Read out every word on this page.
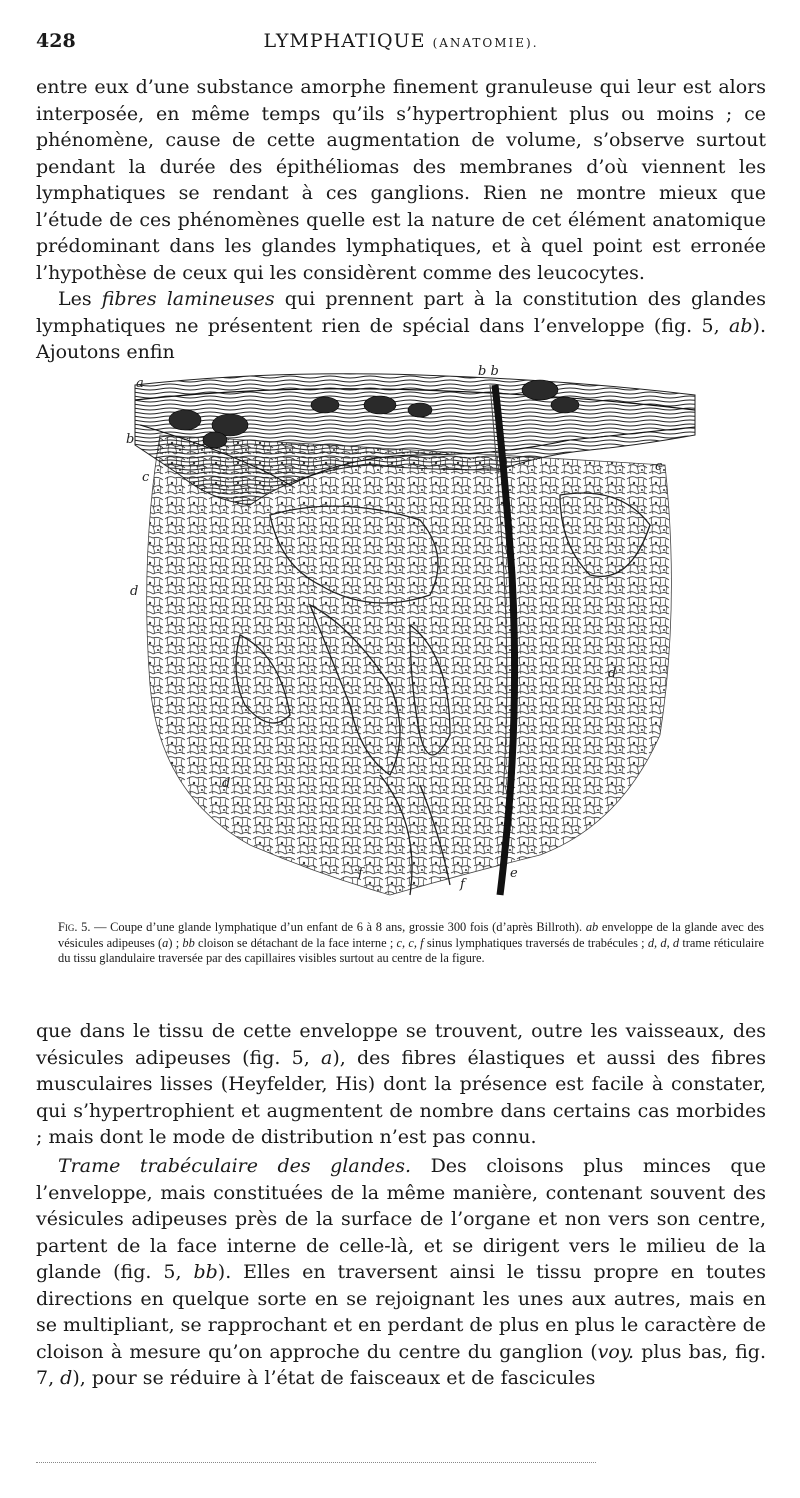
428	LYMPHATIQUE (ANATOMIE).

entre eux d’une substance amorphe finement granuleuse qui leur est alors interposée, en même temps qu’ils s’hypertrophient plus ou moins ; ce phénomène, cause de cette augmentation de volume, s’observe surtout pendant la durée des épithéliomas des membranes d’où viennent les lymphatiques se rendant à ces ganglions. Rien ne montre mieux que l’étude de ces phénomènes quelle est la nature de cet élément anatomique prédominant dans les glandes lymphatiques, et à quel point est erronée l’hypothèse de ceux qui les considèrent comme des leucocytes.

Les fibres lamineuses qui prennent part à la constitution des glandes lymphatiques ne présentent rien de spécial dans l’enveloppe (fig. 5, ab). Ajoutons enfin

a
b
b b
c
c
d
d
d
f
f
e
Fig. 5. — Coupe d’une glande lymphatique d’un enfant de 6 à 8 ans, grossie 300 fois (d’après Billroth). ab enveloppe de la glande avec des vésicules adipeuses (a) ; bb cloison se détachant de la face interne ; c, c, f sinus lymphatiques traversés de trabécules ; d, d, d trame réticulaire du tissu glandulaire traversée par des capillaires visibles surtout au centre de la figure.

que dans le tissu de cette enveloppe se trouvent, outre les vaisseaux, des vésicules adipeuses (fig. 5, a), des fibres élastiques et aussi des fibres musculaires lisses (Heyfelder, His) dont la présence est facile à constater, qui s’hypertrophient et augmentent de nombre dans certains cas morbides ; mais dont le mode de distribution n’est pas connu.

Trame trabéculaire des glandes. Des cloisons plus minces que l’enveloppe, mais constituées de la même manière, contenant souvent des vésicules adipeuses près de la surface de l’organe et non vers son centre, partent de la face interne de celle-là, et se dirigent vers le milieu de la glande (fig. 5, bb). Elles en traversent ainsi le tissu propre en toutes directions en quelque sorte en se rejoignant les unes aux autres, mais en se multipliant, se rapprochant et en perdant de plus en plus le caractère de cloison à mesure qu’on approche du centre du ganglion (voy. plus bas, fig. 7, d), pour se réduire à l’état de faisceaux et de fascicules
